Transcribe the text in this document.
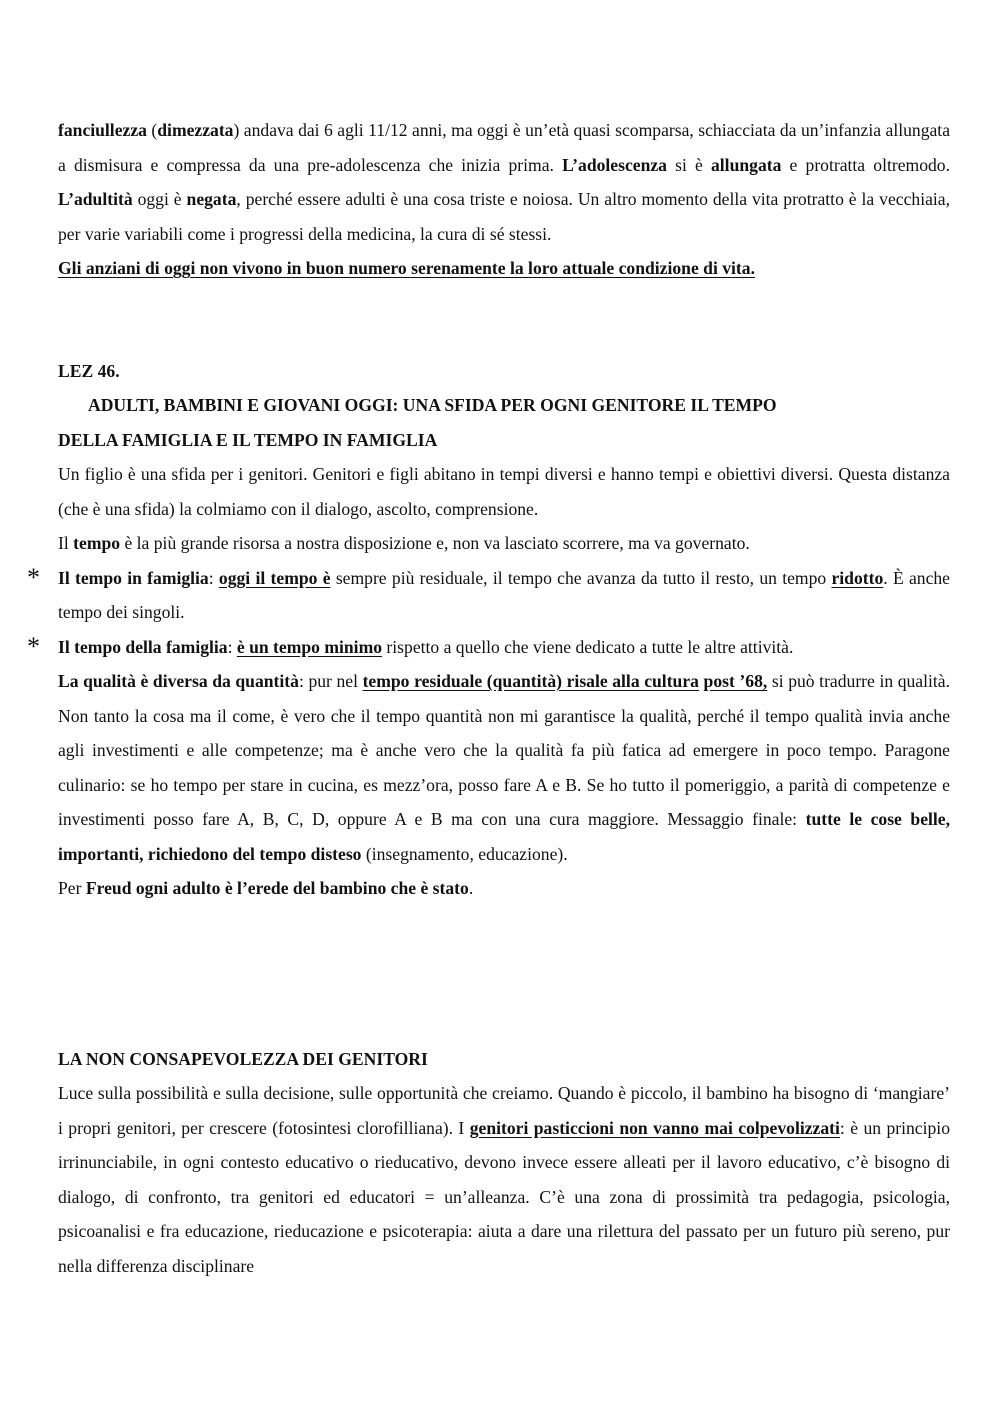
fanciullezza (dimezzata) andava dai 6 agli 11/12 anni, ma oggi è un’età quasi scomparsa, schiacciata da un’infanzia allungata a dismisura e compressa da una pre-adolescenza che inizia prima. L’adolescenza si è allungata e protratta oltremodo. L’adultità oggi è negata, perché essere adulti è una cosa triste e noiosa. Un altro momento della vita protratto è la vecchiaia, per varie variabili come i progressi della medicina, la cura di sé stessi.

Gli anziani di oggi non vivono in buon numero serenamente la loro attuale condizione di vita.

LEZ 46.

ADULTI, BAMBINI E GIOVANI OGGI: UNA SFIDA PER OGNI GENITORE IL TEMPO

DELLA FAMIGLIA E IL TEMPO IN FAMIGLIA

Un figlio è una sfida per i genitori. Genitori e figli abitano in tempi diversi e hanno tempi e obiettivi diversi. Questa distanza (che è una sfida) la colmiamo con il dialogo, ascolto, comprensione.

Il tempo è la più grande risorsa a nostra disposizione e, non va lasciato scorrere, ma va governato.

* Il tempo in famiglia: oggi il tempo è sempre più residuale, il tempo che avanza da tutto il resto, un tempo ridotto. È anche tempo dei singoli.

* Il tempo della famiglia: è un tempo minimo rispetto a quello che viene dedicato a tutte le altre attività.

La qualità è diversa da quantità: pur nel tempo residuale (quantità) risale alla cultura post ’68, si può tradurre in qualità. Non tanto la cosa ma il come, è vero che il tempo quantità non mi garantisce la qualità, perché il tempo qualità invia anche agli investimenti e alle competenze; ma è anche vero che la qualità fa più fatica ad emergere in poco tempo. Paragone culinario: se ho tempo per stare in cucina, es mezz’ora, posso fare A e B. Se ho tutto il pomeriggio, a parità di competenze e investimenti posso fare A, B, C, D, oppure A e B ma con una cura maggiore. Messaggio finale: tutte le cose belle, importanti, richiedono del tempo disteso (insegnamento, educazione).

Per Freud ogni adulto è l’erede del bambino che è stato.

LA NON CONSAPEVOLEZZA DEI GENITORI

Luce sulla possibilità e sulla decisione, sulle opportunità che creiamo. Quando è piccolo, il bambino ha bisogno di ‘mangiare’ i propri genitori, per crescere (fotosintesi clorofilliana). I genitori pasticcioni non vanno mai colpevolizzati: è un principio irrinunciabile, in ogni contesto educativo o rieducativo, devono invece essere alleati per il lavoro educativo, c’è bisogno di dialogo, di confronto, tra genitori ed educatori = un’alleanza. C’è una zona di prossimità tra pedagogia, psicologia, psicoanalisi e fra educazione, rieducazione e psicoterapia: aiuta a dare una rilettura del passato per un futuro più sereno, pur nella differenza disciplinare
